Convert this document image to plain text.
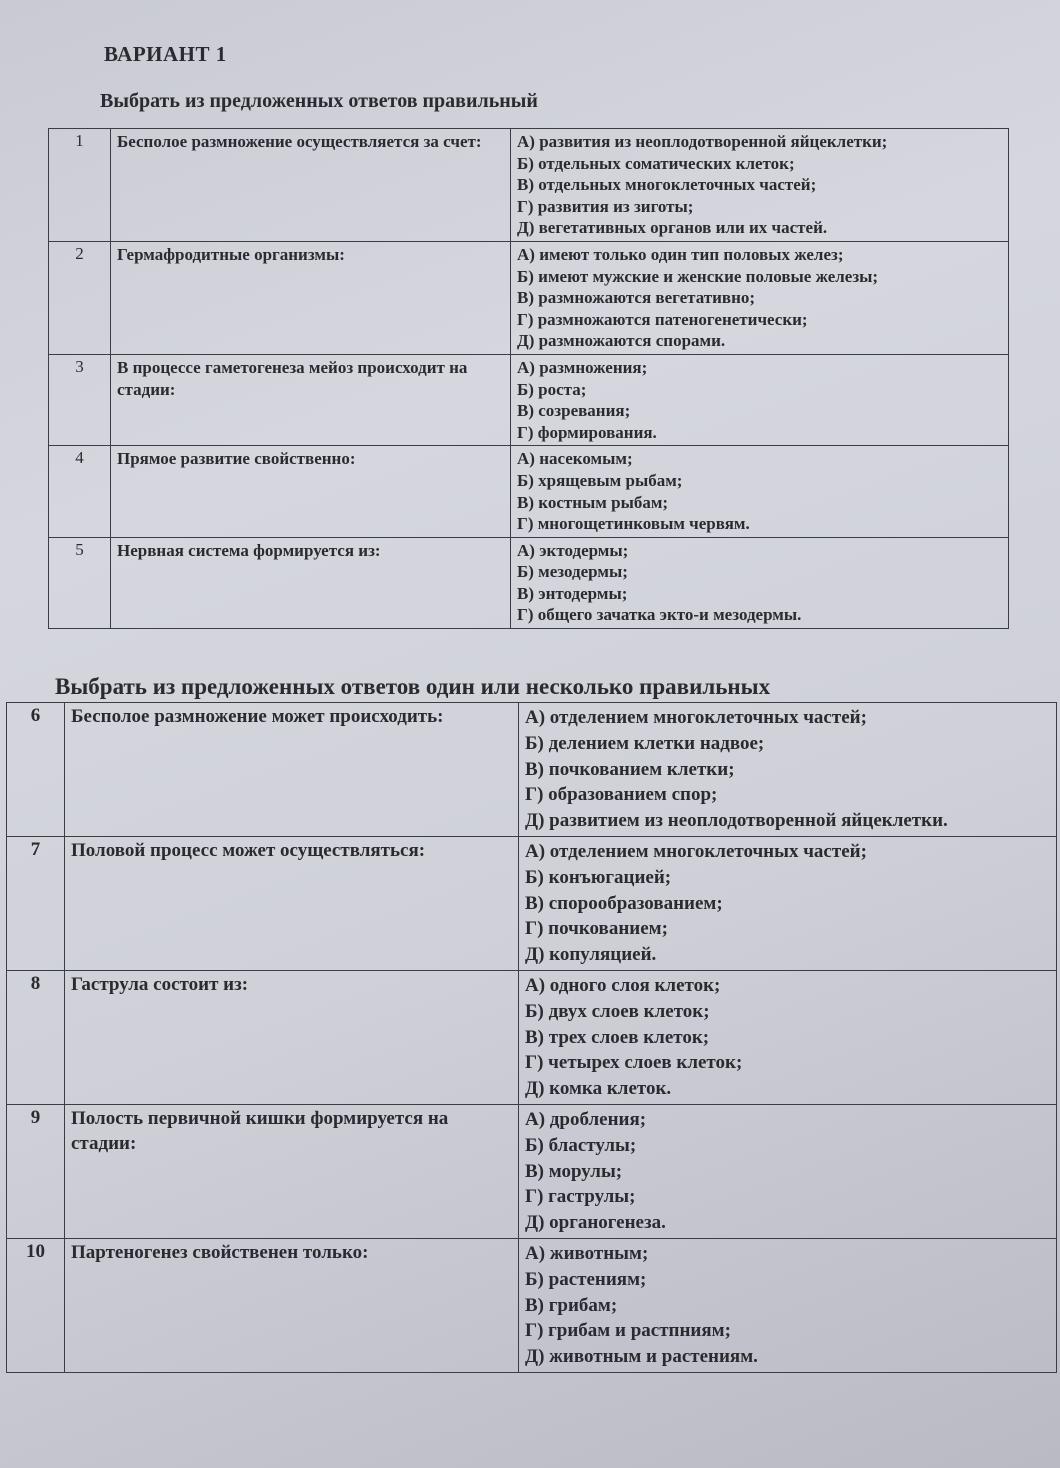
ВАРИАНТ 1
Выбрать из предложенных ответов правильный
1	Бесполое размножение осуществляется за счет:	А) развития из неоплодотворенной яйцеклетки;
Б) отдельных соматических клеток;
В) отдельных многоклеточных частей;
Г) развития из зиготы;
Д) вегетативных органов или их частей.

2	Гермафродитные организмы:	А) имеют только один тип половых желез;
Б) имеют мужские и женские половые железы;
В) размножаются вегетативно;
Г) размножаются патеногенетически;
Д) размножаются спорами.

3	В процессе гаметогенеза мейоз происходит на стадии:	А) размножения;
Б) роста;
В) созревания;
Г) формирования.

4	Прямое развитие свойственно:	А) насекомым;
Б) хрящевым рыбам;
В) костным рыбам;
Г) многощетинковым червям.

5	Нервная система формируется из:	А) эктодермы;
Б) мезодермы;
В) энтодермы;
Г) общего зачатка экто-и мезодермы.
Выбрать из предложенных ответов один или несколько правильных
6	Бесполое размножение может происходить:	А) отделением многоклеточных частей;
Б) делением клетки надвое;
В) почкованием клетки;
Г) образованием спор;
Д) развитием из неоплодотворенной яйцеклетки.

7	Половой процесс может осуществляться:	А) отделением многоклеточных частей;
Б) конъюгацией;
В) спорообразованием;
Г) почкованием;
Д) копуляцией.

8	Гаструла состоит из:	А) одного слоя клеток;
Б) двух слоев клеток;
В) трех слоев клеток;
Г) четырех слоев клеток;
Д) комка клеток.

9	Полость первичной кишки формируется на стадии:	А) дробления;
Б) бластулы;
В) морулы;
Г) гаструлы;
Д) органогенеза.

10	Партеногенез свойственен только:	А) животным;
Б) растениям;
В) грибам;
Г) грибам и растпниям;
Д) животным и растениям.
